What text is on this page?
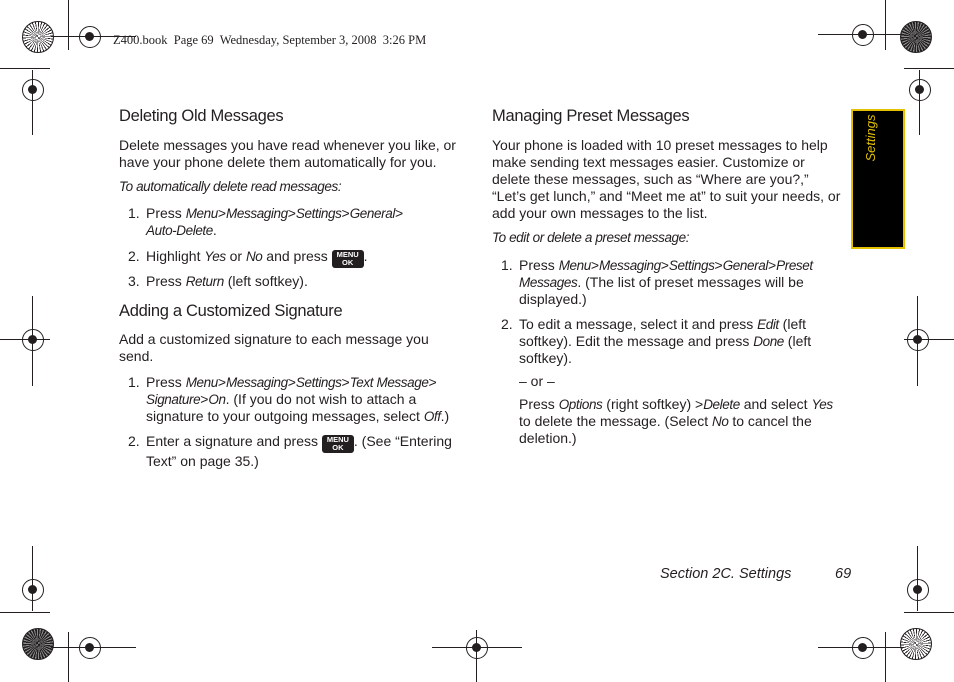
Z400.book  Page 69  Wednesday, September 3, 2008  3:26 PM
Deleting Old Messages

Delete messages you have read whenever you like, or have your phone delete them automatically for you.

To automatically delete read messages:
1. Press Menu>Messaging>Settings>General>
Auto-Delete.
2. Highlight Yes or No and press MENU
OK .
3. Press Return (left softkey).
Adding a Customized Signature

Add a customized signature to each message you send.

1. Press Menu>Messaging>Settings>Text Message>
Signature>On. (If you do not wish to attach a signature to your outgoing messages, select Off.)
2. Enter a signature and press MENU
OK . (See “Entering Text” on page 35.)
Managing Preset Messages

Your phone is loaded with 10 preset messages to help make sending text messages easier. Customize or delete these messages, such as “Where are you?,” “Let’s get lunch,” and “Meet me at” to suit your needs, or add your own messages to the list.

To edit or delete a preset message:
1. Press Menu>Messaging>Settings>General>Preset Messages. (The list of preset messages will be displayed.)
2. To edit a message, select it and press Edit (left softkey). Edit the message and press Done (left softkey).
– or –
Press Options (right softkey) >Delete and select Yes
to delete the message. (Select No to cancel the deletion.)
Settings
Section 2C. Settings	69
